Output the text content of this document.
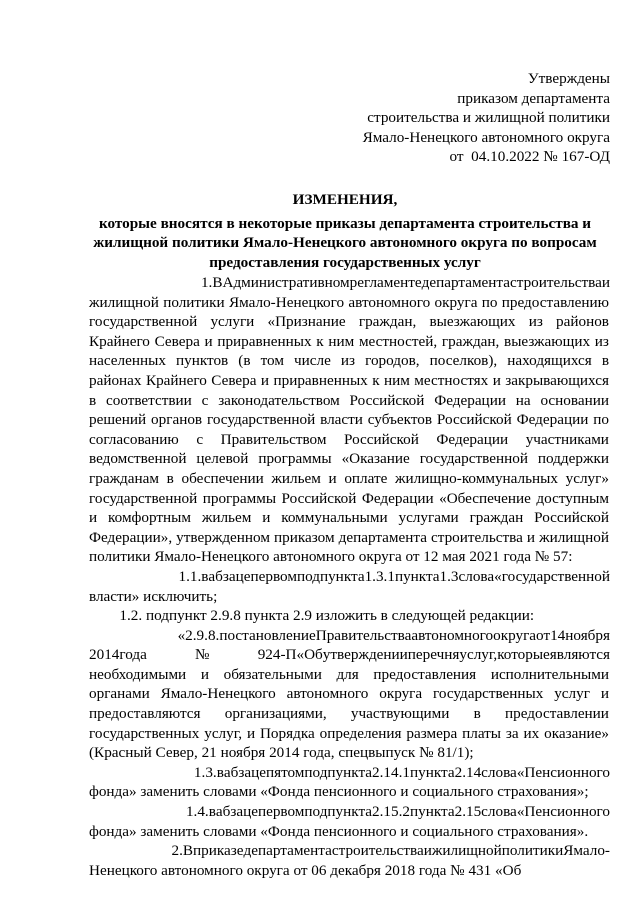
Утверждены
приказом департамента
строительства и жилищной политики
Ямало-Ненецкого автономного округа
от  04.10.2022 № 167-ОД
ИЗМЕНЕНИЯ,
которые вносятся в некоторые приказы департамента строительства и
жилищной политики Ямало-Ненецкого автономного округа по вопросам
предоставления государственных услуг
1.ВАдминистративномрегламентедепартаментастроительстваи
жилищной политики Ямало-Ненецкого автономного округа по предоставлению
государственной услуги «Признание граждан, выезжающих из районов
Крайнего Севера и приравненных к ним местностей, граждан, выезжающих из
населенных пунктов (в том числе из городов, поселков), находящихся в
районах Крайнего Севера и приравненных к ним местностях и закрывающихся
в соответствии с законодательством Российской Федерации на основании
решений органов государственной власти субъектов Российской Федерации по
согласованию с Правительством Российской Федерации участниками
ведомственной целевой программы «Оказание государственной поддержки
гражданам в обеспечении жильем и оплате жилищно-коммунальных услуг»
государственной программы Российской Федерации «Обеспечение доступным
и комфортным жильем и коммунальными услугами граждан Российской
Федерации», утвержденном приказом департамента строительства и жилищной
политики Ямало-Ненецкого автономного округа от 12 мая 2021 года № 57:
1.1.вабзацепервомподпункта1.3.1пункта1.3слова«государственной
власти» исключить;
1.2. подпункт 2.9.8 пункта 2.9 изложить в следующей редакции:
«2.9.8.постановлениеПравительстваавтономногоокругаот14ноября
2014года№924-П«Обутвержденииперечняуслуг,которыеявляются
необходимыми и обязательными для предоставления исполнительными
органами Ямало-Ненецкого автономного округа государственных услуг и
предоставляются организациями, участвующими в предоставлении
государственных услуг, и Порядка определения размера платы за их оказание»
(Красный Север, 21 ноября 2014 года, спецвыпуск № 81/1);
1.3.вабзацепятомподпункта2.14.1пункта2.14слова«Пенсионного
фонда» заменить словами «Фонда пенсионного и социального страхования»;
1.4.вабзацепервомподпункта2.15.2пункта2.15слова«Пенсионного
фонда» заменить словами «Фонда пенсионного и социального страхования».
2.ВприказедепартаментастроительстваижилищнойполитикиЯмало-
Ненецкого автономного округа от 06 декабря 2018 года № 431 «Об
